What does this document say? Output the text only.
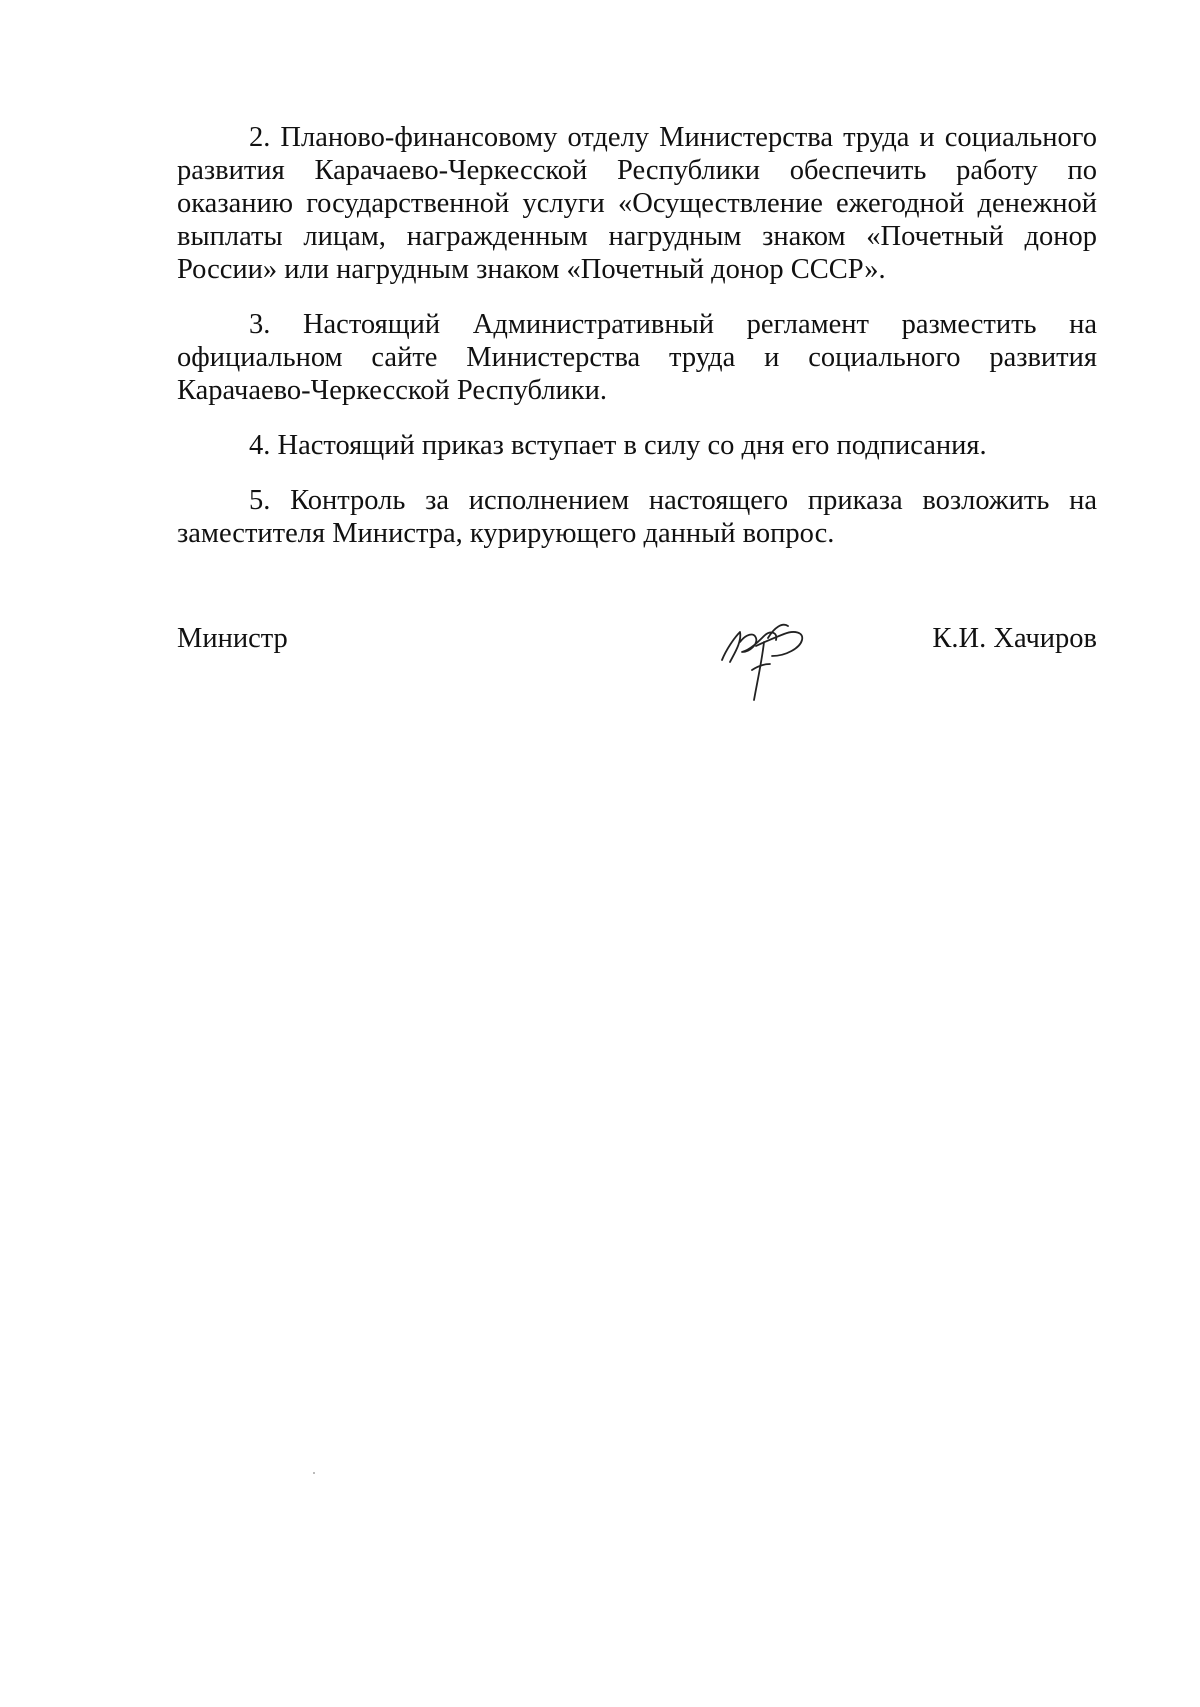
2. Планово-финансовому отделу Министерства труда и социального развития Карачаево-Черкесской Республики обеспечить работу по оказанию государственной услуги «Осуществление ежегодной денежной выплаты лицам, награжденным нагрудным знаком «Почетный донор России» или нагрудным знаком «Почетный донор СССР».

3. Настоящий Административный регламент разместить на официальном сайте Министерства труда и социального развития Карачаево-Черкесской Республики.

4. Настоящий приказ вступает в силу со дня его подписания.

5. Контроль за исполнением настоящего приказа возложить на заместителя Министра, курирующего данный вопрос.

Министр	К.И. Хачиров
